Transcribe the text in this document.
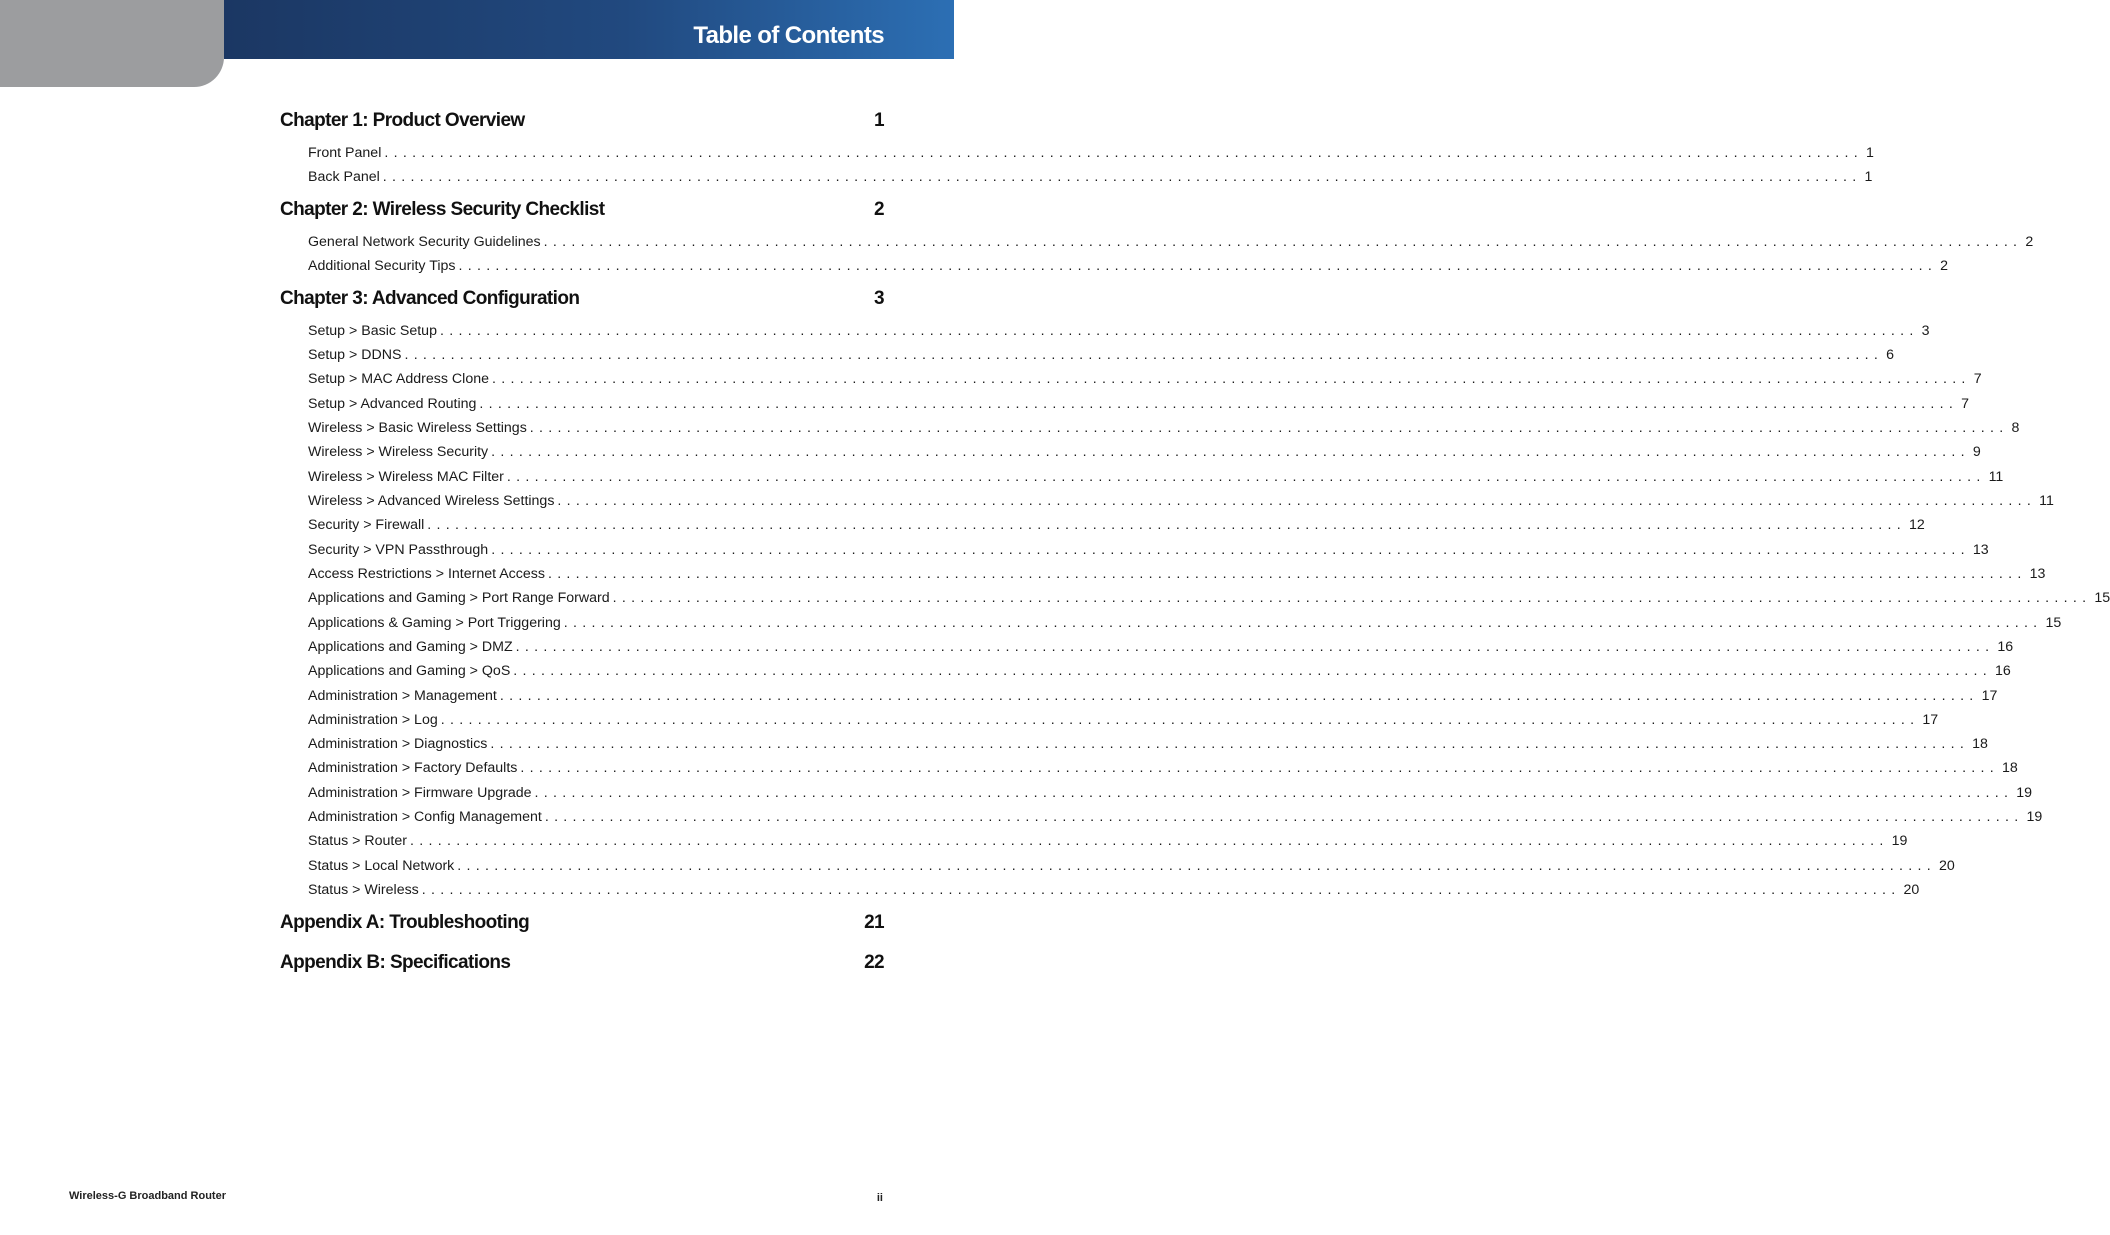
Table of Contents
Chapter 1: Product Overview	1
Front Panel ................................................................................................................................................................ 1
Back Panel ................................................................................................................................................................ 1
Chapter 2: Wireless Security Checklist	2
General Network Security Guidelines ................................................................................................................................................................ 2
Additional Security Tips ................................................................................................................................................................ 2
Chapter 3: Advanced Configuration	3
Setup > Basic Setup ................................................................................................................................................................ 3
Setup > DDNS ................................................................................................................................................................ 6
Setup > MAC Address Clone ................................................................................................................................................................ 7
Setup > Advanced Routing ................................................................................................................................................................ 7
Wireless > Basic Wireless Settings ................................................................................................................................................................ 8
Wireless > Wireless Security ................................................................................................................................................................ 9
Wireless > Wireless MAC Filter ................................................................................................................................................................ 11
Wireless > Advanced Wireless Settings ................................................................................................................................................................ 11
Security > Firewall ................................................................................................................................................................ 12
Security > VPN Passthrough ................................................................................................................................................................ 13
Access Restrictions > Internet Access ................................................................................................................................................................ 13
Applications and Gaming > Port Range Forward ................................................................................................................................................................ 15
Applications & Gaming > Port Triggering ................................................................................................................................................................ 15
Applications and Gaming > DMZ ................................................................................................................................................................ 16
Applications and Gaming > QoS ................................................................................................................................................................ 16
Administration > Management ................................................................................................................................................................ 17
Administration > Log ................................................................................................................................................................ 17
Administration > Diagnostics ................................................................................................................................................................ 18
Administration > Factory Defaults ................................................................................................................................................................ 18
Administration > Firmware Upgrade ................................................................................................................................................................ 19
Administration > Config Management ................................................................................................................................................................ 19
Status > Router ................................................................................................................................................................ 19
Status > Local Network ................................................................................................................................................................ 20
Status > Wireless ................................................................................................................................................................ 20
Appendix A: Troubleshooting	21
Appendix B: Specifications	22
Wireless-G Broadband Router	ii
